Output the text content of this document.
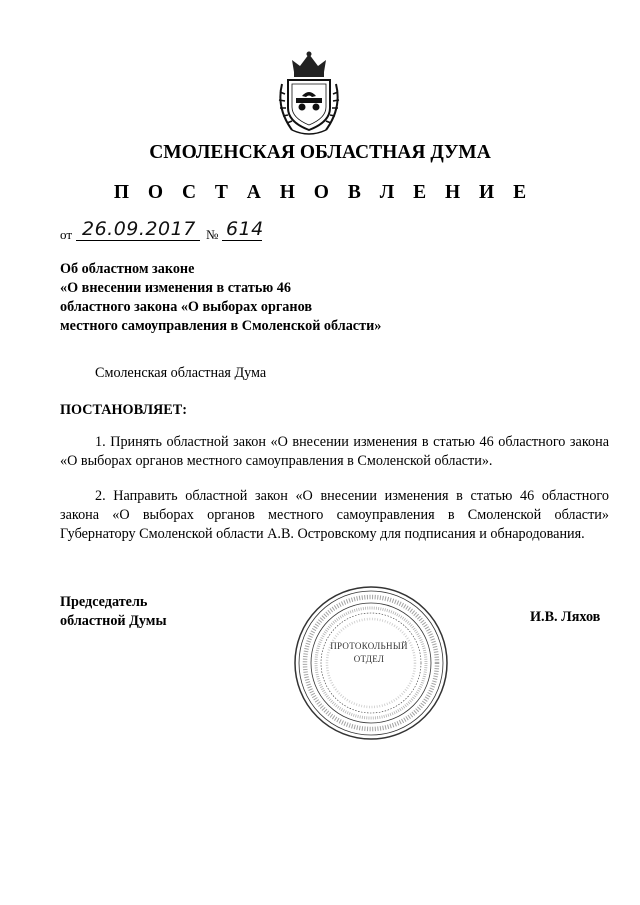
СМОЛЕНСКАЯ ОБЛАСТНАЯ ДУМА
П О С Т А Н О В Л Е Н И Е
от 26.09.2017 № 614
Об областном законе
«О внесении изменения в статью 46
областного закона «О выборах органов
местного самоуправления в Смоленской области»
Смоленская областная Дума
ПОСТАНОВЛЯЕТ:
1. Принять областной закон «О внесении изменения в статью 46 областного закона «О выборах органов местного самоуправления в Смоленской области».
2. Направить областной закон «О внесении изменения в статью 46 областного закона «О выборах органов местного самоуправления в Смоленской области» Губернатору Смоленской области А.В. Островскому для подписания и обнародования.
Председатель
областной Думы
ПРОТОКОЛЬНЫЙ
ОТДЕЛ
И.В. Ляхов
